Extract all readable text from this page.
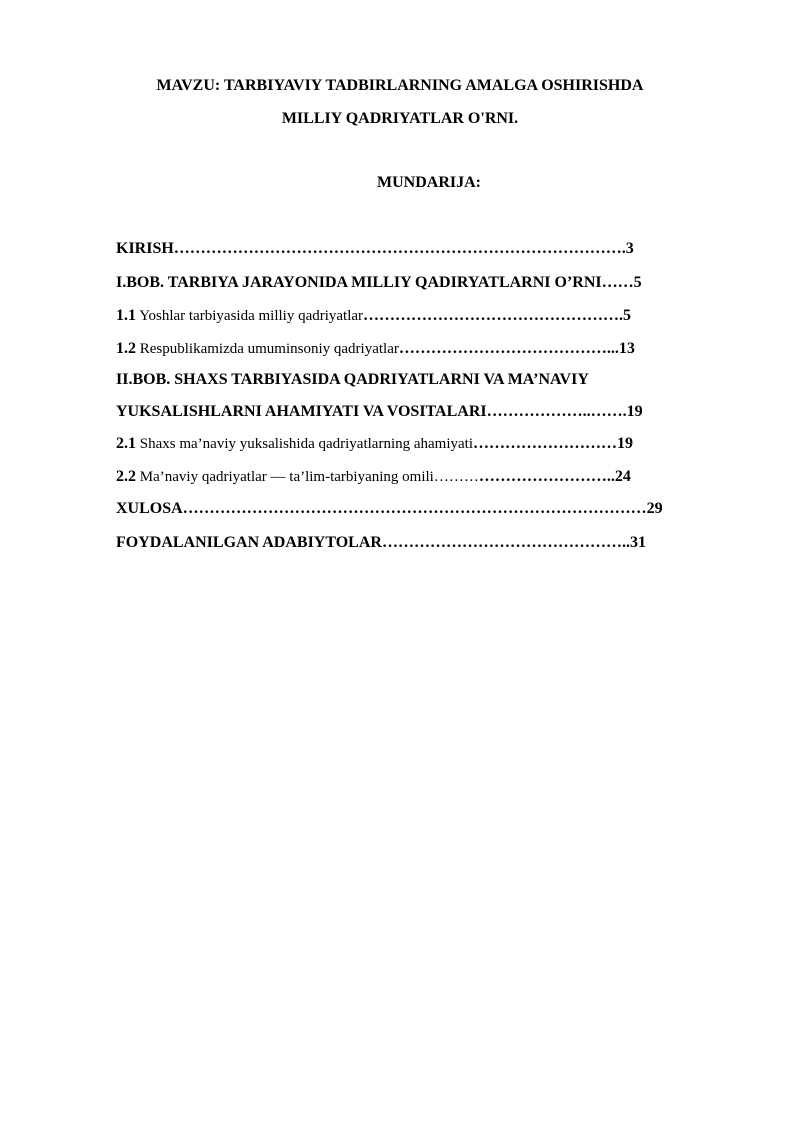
MAVZU: TARBIYAVIY TADBIRLARNING AMALGA OSHIRISHDA
MILLIY QADRIYATLAR O'RNI.
MUNDARIJA:
KIRISH………………………………………………………………………….3
I.BOB. TARBIYA JARAYONIDA MILLIY QADIRYATLARNI O’RNI……5
1.1 Yoshlar tarbiyasida milliy qadriyatlar………………………………………….5
1.2 Respublikamizda umuminsoniy qadriyatlar…………………………………...13
II.BOB. SHAXS TARBIYASIDA QADRIYATLARNI VA MA’NAVIY
YUKSALISHLARNI AHAMIYATI VA VOSITALARI………………..…….19
2.1 Shaxs ma’naviy yuksalishida qadriyatlarning ahamiyati………………………19
2.2 Ma’naviy qadriyatlar — ta’lim-tarbiyaning omili……………………………..24
XULOSA……………………………………………………………………………29
FOYDALANILGAN ADABIYTOLAR………………………………………..31
